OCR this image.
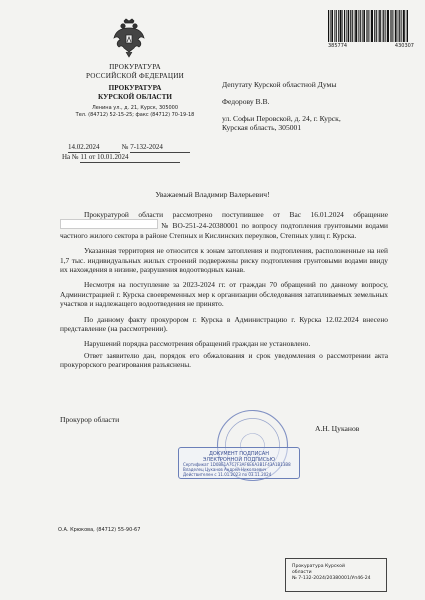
385774	430307
ПРОКУРАТУРА
РОССИЙСКОЙ ФЕДЕРАЦИИ
ПРОКУРАТУРА
КУРСКОЙ ОБЛАСТИ
Ленина ул., д. 21, Курск, 305000
Тел. (84712) 52-15-25; факс (84712) 70-19-18
14.02.2024	№ 7-132-2024
На № 11 от 10.01.2024

Депутату Курской областной Думы

Федорову В.В.

ул. Софьи Перовской, д. 24, г. Курск,
Курская область, 305001
Уважаемый Владимир Валерьевич!

Прокуратурой области рассмотрено поступившее от Вас 16.01.2024 обращение  № ВО-251-24-20380001 по вопросу подтопления грунтовыми водами частного жилого сектора в районе Степных и Кислинских переулков, Степных улиц г. Курска.

Указанная территория не относится к зонам затопления и подтопления, расположенные на ней 1,7 тыс. индивидуальных жилых строений подвержены риску подтопления грунтовыми водами ввиду их нахождения в низине, разрушения водоотводных канав.

Несмотря на поступление за 2023-2024 гг. от граждан 70 обращений по данному вопросу, Администрацией г. Курска своевременных мер к организации обследования затапливаемых земельных участков и надлежащего водоотведения не принято.

По данному факту прокурором г. Курска в Администрацию г. Курска 12.02.2024 внесено представление (на рассмотрении).

Нарушений порядка рассмотрения обращений граждан не установлено.

Ответ заявителю дан, порядок его обжалования и срок уведомления о рассмотрении акта прокурорского реагирования разъяснены.

Прокурор области
А.Н. Цуканов
ДОКУМЕНТ ПОДПИСАН
ЭЛЕКТРОННОЙ ПОДПИСЬЮ
Сертификат 1D0BE1A7C7F3AF6E6A3B1F43A1B13B8
Владелец Цуканов Андрей Николаевич
Действителен с 11.01.2023 по 03.11.2024
О.А. Крюкова, (84712) 55-90-67
Прокуратура Курской
области
№ 7-132-2024/20380001/Уп46-24
